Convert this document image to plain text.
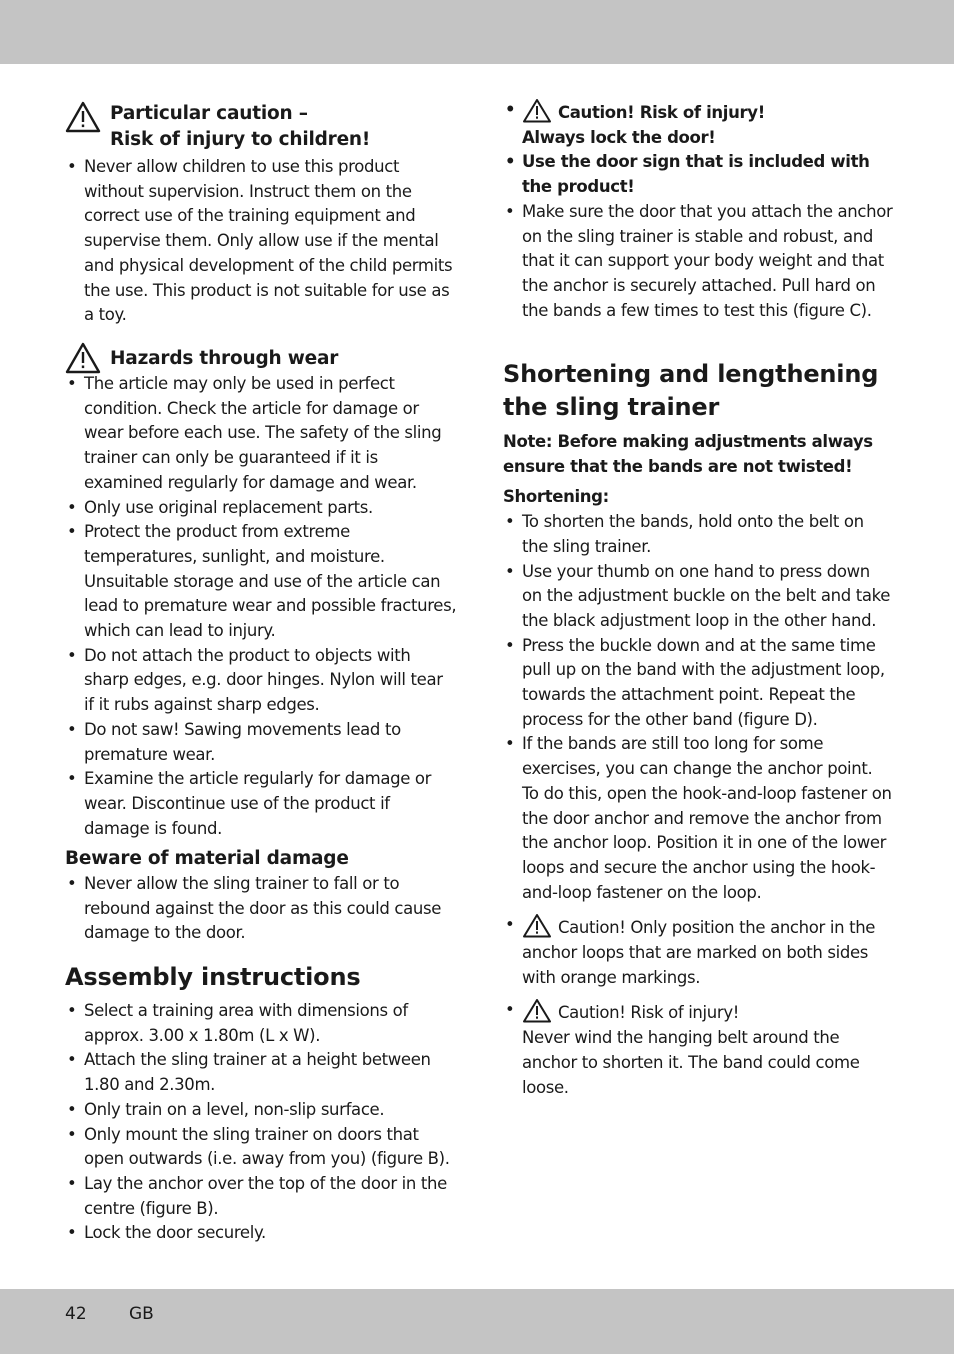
Particular caution –
Risk of injury to children!
• Never allow children to use this product without supervision. Instruct them on the correct use of the training equipment and supervise them. Only allow use if the mental and physical development of the child permits the use. This product is not suitable for use as a toy.
Hazards through wear
• The article may only be used in perfect condition. Check the article for damage or wear before each use. The safety of the sling trainer can only be guaranteed if it is examined regularly for damage and wear.
• Only use original replacement parts.
• Protect the product from extreme temperatures, sunlight, and moisture. Unsuitable storage and use of the article can lead to premature wear and possible fractures, which can lead to injury.
• Do not attach the product to objects with sharp edges, e.g. door hinges. Nylon will tear if it rubs against sharp edges.
• Do not saw! Sawing movements lead to premature wear.
• Examine the article regularly for damage or wear. Discontinue use of the product if damage is found.
Beware of material damage
• Never allow the sling trainer to fall or to rebound against the door as this could cause damage to the door.
Assembly instructions
• Select a training area with dimensions of approx. 3.00 x 1.80m (L x W).
• Attach the sling trainer at a height between 1.80 and 2.30m.
• Only train on a level, non-slip surface.
• Only mount the sling trainer on doors that open outwards (i.e. away from you) (figure B).
• Lay the anchor over the top of the door in the centre (figure B).
• Lock the door securely.
• Caution! Risk of injury!
Always lock the door!
• Use the door sign that is included with the product!
• Make sure the door that you attach the anchor on the sling trainer is stable and robust, and that it can support your body weight and that the anchor is securely attached. Pull hard on the bands a few times to test this (figure C).
Shortening and lengthening the sling trainer
Note: Before making adjustments always ensure that the bands are not twisted!
Shortening:
• To shorten the bands, hold onto the belt on the sling trainer.
• Use your thumb on one hand to press down on the adjustment buckle on the belt and take the black adjustment loop in the other hand.
• Press the buckle down and at the same time pull up on the band with the adjustment loop, towards the attachment point. Repeat the process for the other band (figure D).
• If the bands are still too long for some exercises, you can change the anchor point. To do this, open the hook-and-loop fastener on the door anchor and remove the anchor from the anchor loop. Position it in one of the lower loops and secure the anchor using the hook-and-loop fastener on the loop.
• Caution! Only position the anchor in the anchor loops that are marked on both sides with orange markings.
• Caution! Risk of injury!
Never wind the hanging belt around the anchor to shorten it. The band could come loose.
42 GB
